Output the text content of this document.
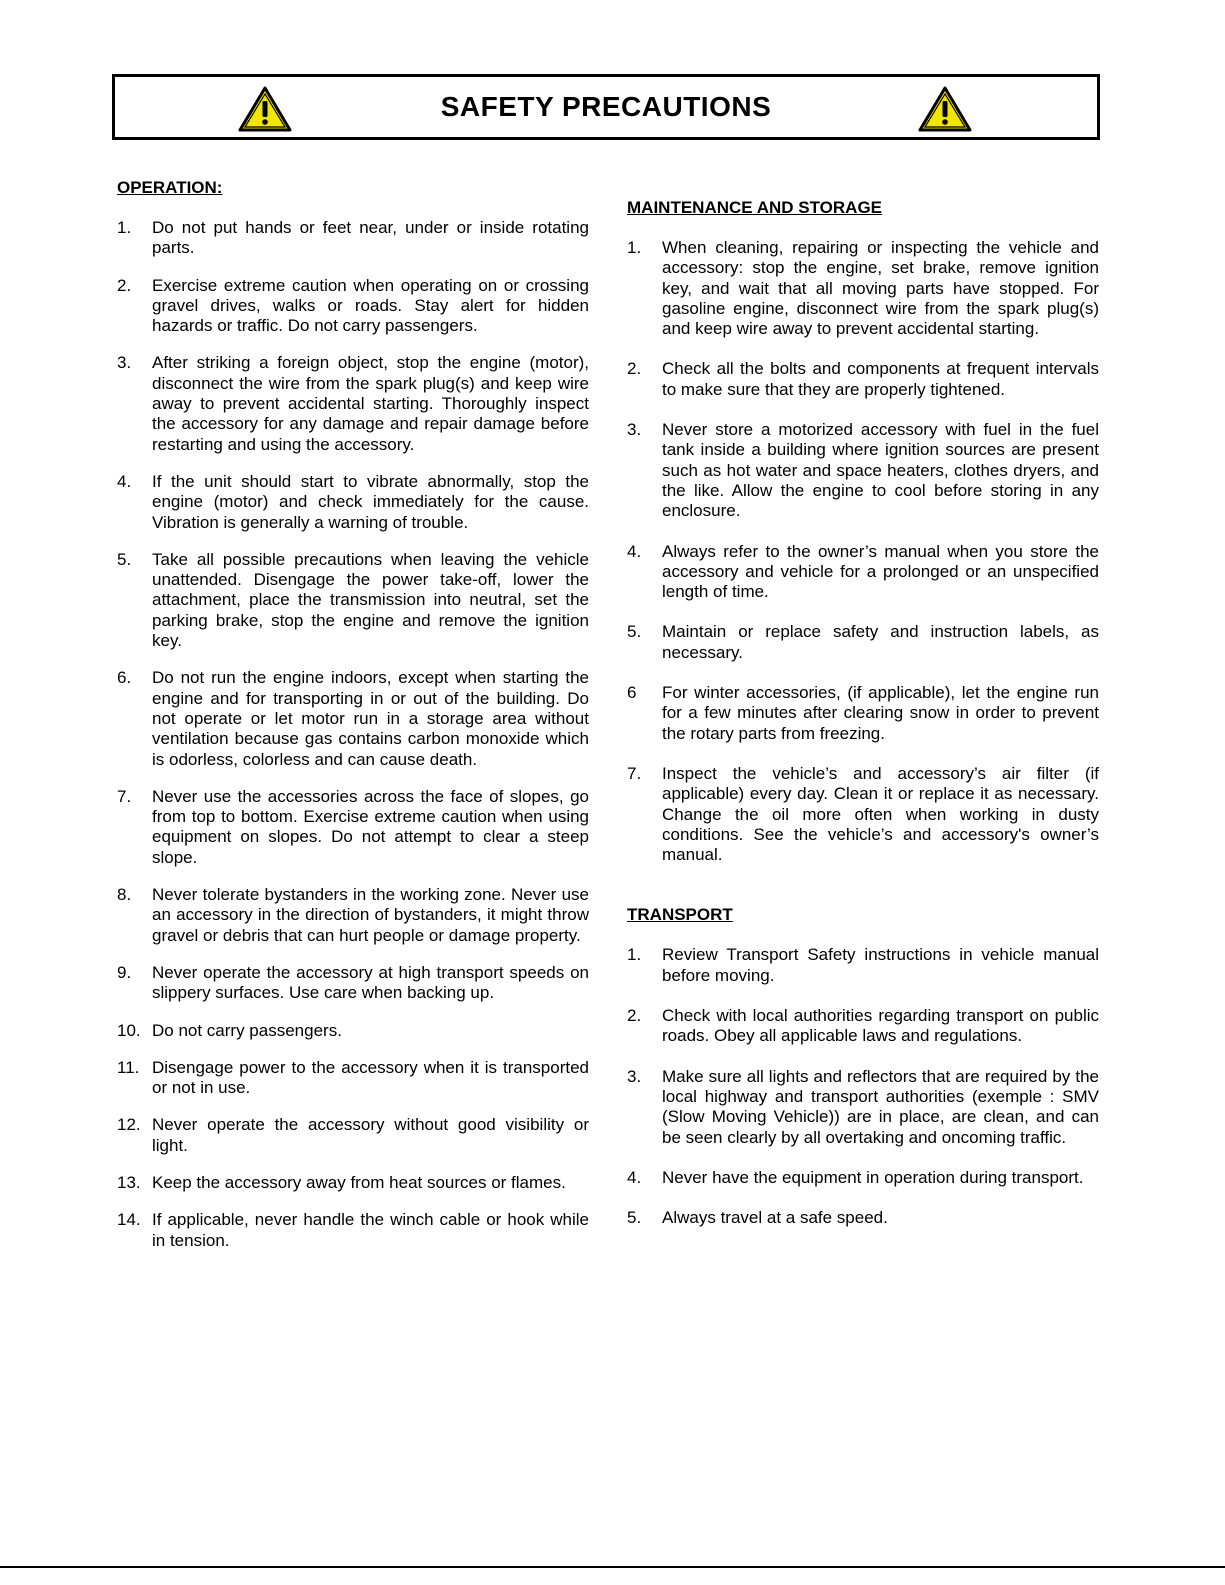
SAFETY PRECAUTIONS
OPERATION:
1.	Do not put hands or feet near, under or inside rotating parts.
2.	Exercise extreme caution when operating on or crossing gravel drives, walks or roads. Stay alert for hidden hazards or traffic. Do not carry passengers.
3.	After striking a foreign object, stop the engine (motor), disconnect the wire from the spark plug(s) and keep wire away to prevent accidental starting. Thoroughly inspect the accessory for any damage and repair damage before restarting and using the accessory.
4.	If the unit should start to vibrate abnormally, stop the engine (motor) and check immediately for the cause. Vibration is generally a warning of trouble.
5.	Take all possible precautions when leaving the vehicle unattended. Disengage the power take-off, lower the attachment, place the transmission into neutral, set the parking brake, stop the engine and remove the ignition key.
6.	Do not run the engine indoors, except when starting the engine and for transporting in or out of the building. Do not operate or let motor run in a storage area without ventilation because gas contains carbon monoxide which is odorless, colorless and can cause death.
7.	Never use the accessories across the face of slopes, go from top to bottom. Exercise extreme caution when using equipment on slopes. Do not attempt to clear a steep slope.
8.	Never tolerate bystanders in the working zone. Never use an accessory in the direction of bystanders, it might throw gravel or debris that can hurt people or damage property.
9.	Never operate the accessory at high transport speeds on slippery surfaces. Use care when backing up.
10. Do not carry passengers.
11. Disengage power to the accessory when it is transported or not in use.
12. Never operate the accessory without good visibility or light.
13. Keep the accessory away from heat sources or flames.
14. If applicable, never handle the winch cable or hook while in tension.
MAINTENANCE AND STORAGE
1.	When cleaning, repairing or inspecting the vehicle and accessory: stop the engine, set brake, remove ignition key, and wait that all moving parts have stopped. For gasoline engine, disconnect wire from the spark plug(s) and keep wire away to prevent accidental starting.
2.	Check all the bolts and components at frequent intervals to make sure that they are properly tightened.
3.	Never store a motorized accessory with fuel in the fuel tank inside a building where ignition sources are present such as hot water and space heaters, clothes dryers, and the like. Allow the engine to cool before storing in any enclosure.
4.	Always refer to the owner’s manual when you store the accessory and vehicle for a prolonged or an unspecified length of time.
5.	Maintain or replace safety and instruction labels, as necessary.
6	For winter accessories, (if applicable), let the engine run for a few minutes after clearing snow in order to prevent the rotary parts from freezing.
7.	Inspect the vehicle’s and accessory’s air filter (if applicable) every day. Clean it or replace it as necessary. Change the oil more often when working in dusty conditions. See the vehicle’s and accessory's owner’s manual.
TRANSPORT
1.	Review Transport Safety instructions in vehicle manual before moving.
2.	Check with local authorities regarding transport on public roads. Obey all applicable laws and regulations.
3.	Make sure all lights and reflectors that are required by the local highway and transport authorities (exemple : SMV (Slow Moving Vehicle)) are in place, are clean, and can be seen clearly by all overtaking and oncoming traffic.
4.	Never have the equipment in operation during transport.
5.	Always travel at a safe speed.
